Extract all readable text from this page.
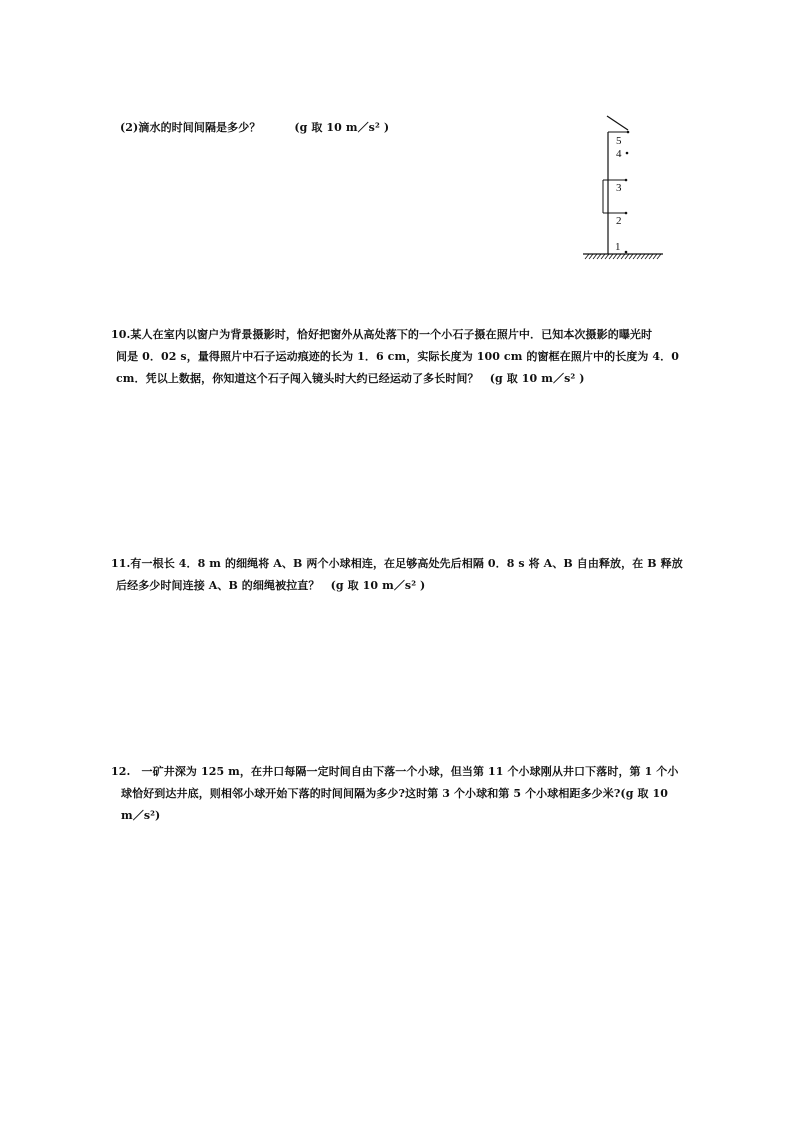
(2)滴水的时间间隔是多少？	(g 取 10 m／s² )
5
4
3
2
1
10.某人在室内以窗户为背景摄影时，恰好把窗外从高处落下的一个小石子摄在照片中．已知本次摄影的曝光时
间是 0．02 s，量得照片中石子运动痕迹的长为 1．6 cm，实际长度为 100 cm 的窗框在照片中的长度为 4．0
cm．凭以上数据，你知道这个石子闯入镜头时大约已经运动了多长时间？　(g 取 10 m／s² )
11.有一根长 4．8 m 的细绳将 A、B 两个小球相连，在足够高处先后相隔 0．8 s 将 A、B 自由释放，在 B 释放
后经多少时间连接 A、B 的细绳被拉直？　(g 取 10 m／s² )
12.　一矿井深为 125 m，在井口每隔一定时间自由下落一个小球，但当第 11 个小球刚从井口下落时，第 1 个小
球恰好到达井底，则相邻小球开始下落的时间间隔为多少?这时第 3 个小球和第 5 个小球相距多少米?(g 取 10
m／s²)
